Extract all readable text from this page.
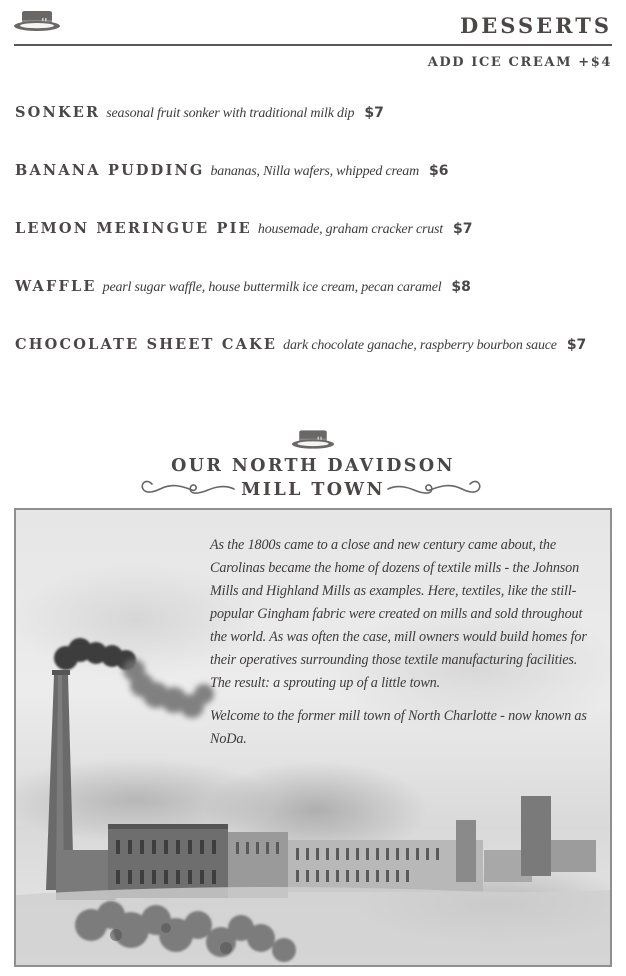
DESSERTS
ADD ICE CREAM +$4
SONKER seasonal fruit sonker with traditional milk dip $7
BANANA PUDDING bananas, Nilla wafers, whipped cream $6
LEMON MERINGUE PIE housemade, graham cracker crust $7
WAFFLE pearl sugar waffle, house buttermilk ice cream, pecan caramel $8
CHOCOLATE SHEET CAKE dark chocolate ganache, raspberry bourbon sauce $7
OUR NORTH DAVIDSON
MILL TOWN

As the 1800s came to a close and new century came about, the Carolinas became the home of dozens of textile mills - the Johnson Mills and Highland Mills as examples. Here, textiles, like the still-popular Gingham fabric were created on mills and sold throughout the world. As was often the case, mill owners would build homes for their operatives surrounding those textile manufacturing facilities. The result: a sprouting up of a little town.

Welcome to the former mill town of North Charlotte - now known as NoDa.
